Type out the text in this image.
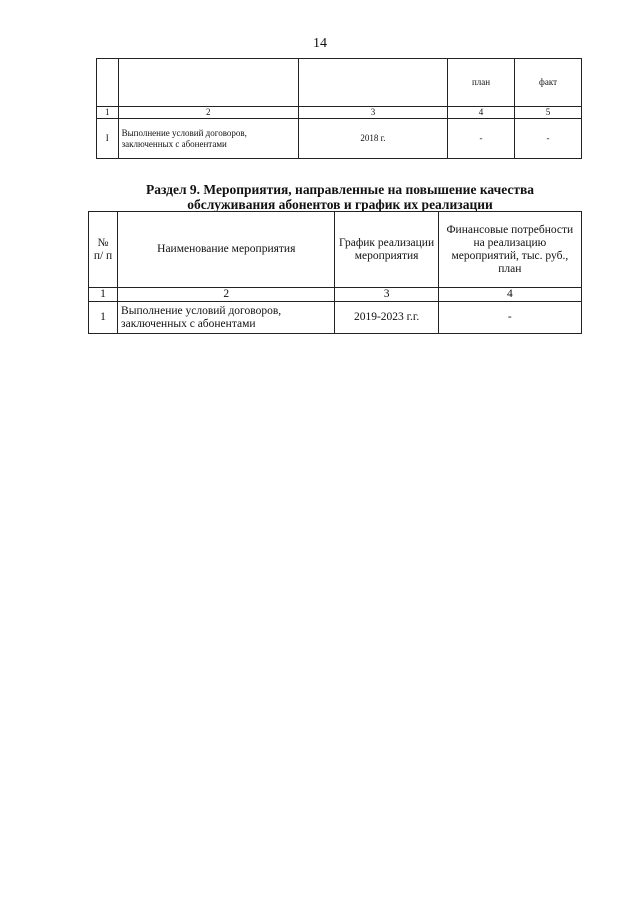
14
			план	факт
1	2	3	4	5
I	Выполнение условий договоров, заключенных с абонентами	2018 г.	-	-
Раздел 9. Мероприятия, направленные на повышение качества обслуживания абонентов и график их реализации
№ п/ п	Наименование мероприятия	График реализации мероприятия	Финансовые потребности на реализацию мероприятий, тыс. руб., план
1	2	3	4
1	Выполнение условий договоров, заключенных с абонентами	2019-2023 г.г.	-
